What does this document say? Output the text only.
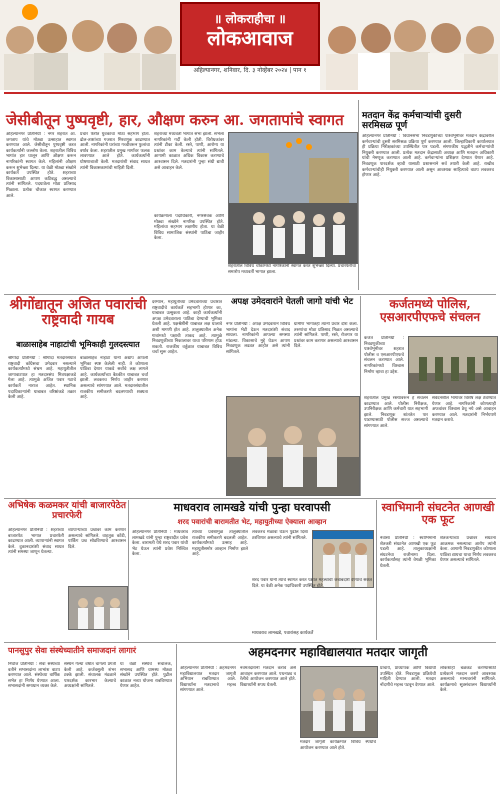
॥ लोकराहीचा ॥
लोकआवाज
अहिल्यानगर, शनिवार, दि. ३ नोव्हेंबर २०२४ | पान १
जेसीबीतून पुष्पवृष्टी, हार, औक्षण करुन आ. जगतापांचे स्वागत	मतदान केंद्र कर्मचार्‍यांची दुसरी सरमिसळ पूर्ण
अहिल्यानगर प्रतिनिधी : नगर शहरात आ. जगताप यांचे मोठ्या उत्साहात स्वागत करण्यात आले. जेसीबीतून पुष्पवृष्टी करत कार्यकर्त्यांनी जल्लोष केला. शहरातील विविध भागांत हार घालून आणि औक्षण करून नागरिकांनी स्वागत केले. महिलांनी औक्षण करून शुभेच्छा दिल्या. या वेळी मोठ्या संख्येने कार्यकर्ते उपस्थित होते. शहराच्या विकासासाठी आपण कटिबद्ध असल्याचे त्यांनी सांगितले. पदयात्रेला मोठा प्रतिसाद मिळाला. प्रत्येक चौकात स्वागत करण्यात आले.
प्रचार फेरीत युवकांचा मोठा सहभाग होता. ढोल-ताशांच्या गजरात मिरवणूक काढण्यात आली. नागरिकांनी घरांच्या गच्चीवरून फुलांचा वर्षाव केला. शहरातील प्रमुख मार्गांवर फलक लावण्यात आले होते. कार्यकर्त्यांनी घोषणाबाजी केली. मतदारांशी संवाद साधत त्यांनी विकासकामांची माहिती दिली.
शहराच्या मध्यवर्ती भागात सभा झाली. सभेला नागरिकांनी गर्दी केली होती. विरोधकांवर त्यांनी टीका केली. रस्ते, पाणी, आरोग्य या प्रश्नांवर काम केल्याचे त्यांनी सांगितले. आगामी काळात अधिक विकास करण्याचे आश्वासन दिले. मतदारांनी पुन्हा संधी द्यावी असे आवाहन केले.
कार्यक्रमाला पदाधिकारी, नगरसेवक आणि मोठ्या संख्येने नागरिक उपस्थित होते. महिलांचा सहभाग लक्षणीय होता. या वेळी विविध सामाजिक संस्थांनी पाठिंबा जाहीर केला.
शहरातील विविध चौकांमध्ये नागरिकांनी स्वागत करत शुभेच्छा दिल्या. प्रचारफेरीचा समारोप मध्यवर्ती भागात झाला.
अहिल्यानगर प्रतिनिधी : विधानसभा निवडणुकीच्या पार्श्वभूमीवर मतदान केंद्रावरील कर्मचाऱ्यांची दुसरी सरमिसळ प्रक्रिया पूर्ण करण्यात आली. जिल्हाधिकारी कार्यालयात ही प्रक्रिया निरीक्षकांच्या उपस्थितीत पार पडली. संगणकीय पद्धतीने कर्मचाऱ्यांची नियुक्ती करण्यात आली. प्रत्येक मतदान केंद्रासाठी अध्यक्ष आणि मतदान अधिकारी यांची नेमणूक करण्यात आली आहे. कर्मचाऱ्यांना प्रशिक्षण देण्यात येणार आहे. निवडणूक पारदर्शक व्हावी यासाठी प्रशासनाने सर्व तयारी केली आहे. राखीव कर्मचाऱ्यांचीही नियुक्ती करण्यात आली असून आवश्यक साहित्याचे वाटप लवकरच होणार आहे.
श्रीगोंद्यातून अजित पवारांची राष्ट्रवादी गायब
बाळासाहेब नाहाटांची भूमिकाही गुलदस्त्यात
श्रीगोंदा प्रतिनिधी : श्रीगोंदा मतदारसंघात राष्ट्रवादी काँग्रेसचा उमेदवार नसल्याने कार्यकर्त्यांमध्ये संभ्रम आहे. महायुतीतील जागावाटपात हा मतदारसंघ मित्रपक्षाकडे गेला आहे. त्यामुळे अजित पवार गटाचे कार्यकर्ते नाराज आहेत. स्थानिक पदाधिकाऱ्यांनी याबाबत वरिष्ठांकडे तक्रार केली आहे.
बाळासाहेब नाहाटा यांनी अद्याप आपली भूमिका स्पष्ट केलेली नाही. ते कोणाला पाठिंबा देणार याकडे सर्वांचे लक्ष लागले आहे. कार्यकर्त्यांच्या बैठकीत याबाबत चर्चा झाली. लवकरच निर्णय जाहीर करणार असल्याचे सांगण्यात आले. मतदारसंघातील राजकीय समीकरणे बदलण्याची शक्यता आहे.
दरम्यान, महायुतीच्या उमेदवाराच्या प्रचारात राष्ट्रवादीचे कार्यकर्ते सहभागी होणार का, याबाबत उत्सुकता आहे. काही कार्यकर्त्यांनी अपक्ष उमेदवाराला पाठिंबा देण्याची भूमिका घेतली आहे. पक्षश्रेष्ठींनी याबाबत लक्ष घालावे अशी मागणी होत आहे. तालुक्यातील अनेक गावांमध्ये पक्षाची ताकद आहे. त्यामुळे निवडणुकीच्या निकालावर याचा परिणाम होऊ शकतो. राजकीय वर्तुळात याबाबत विविध चर्चा सुरू आहेत.
अपक्ष उमेदवारांने घेतली जागो यांची भेट
नगर प्रतिनिधी : अपक्ष उमेदवाराने विविध भागांना भेटी देऊन मतदारांशी संवाद साधला. नागरिकांनी आपल्या समस्या मांडल्या. विकासाचे मुद्दे घेऊन आपण निवडणूक लढवत आहोत असे त्यांनी सांगितले.
ग्रामीण भागातही त्यांनी प्रचार दौरा केला. तरुणांचा मोठा प्रतिसाद मिळत असल्याचे त्यांनी सांगितले. पाणी, रस्ते, रोजगार या प्रश्नांवर काम करणार असल्याचे आश्वासन दिले.
कर्जतमध्ये पोलिस, एसआरपीएफचे संचलन
कर्जत प्रतिनिधी : निवडणुकीच्या पार्श्वभूमीवर शहरात पोलीस व एसआरपीएफचे संचलन करण्यात आले. नागरिकांमध्ये विश्वास निर्माण व्हावा हा उद्देश.
शहरातील प्रमुख रस्त्यांवरून हे संचलन काढण्यात आले. पोलीस निरीक्षक, उपनिरीक्षक आणि कर्मचारी यात सहभागी झाले. निवडणूक शांततेत पार पाडण्यासाठी पोलीस सज्ज असल्याचे सांगण्यात आले.
संवेदनशील भागांवर विशेष लक्ष ठेवण्यात येणार आहे. नागरिकांनी कोणत्याही अफवांवर विश्वास ठेवू नये असे आवाहन करण्यात आले. मतदारांनी निर्भयपणे मतदान करावे.
अभिषेक कळमकर यांची बाजारपेठेत प्रचारफेरी
अहिल्यानगर प्रतिनिधी : शहराच्या बाजारपेठ भागात प्रचारफेरी काढण्यात आली. व्यापाऱ्यांनी स्वागत केले. दुकानदारांशी संवाद साधत त्यांनी समस्या जाणून घेतल्या.
व्यापाऱ्यांच्या प्रश्नांवर काम करणार असल्याचे सांगितले. वाहतूक कोंडी, पार्किंग प्रश्न सोडविण्याचे आश्वासन दिले.
माधवराव लामखडे यांची पुन्हा घरवापसी
शरद पवारांची बारामतीत भेट, महायुतीच्या ऐक्याला आव्हान
अहिल्यानगर प्रतिनिधी : माधवराव लामखडे यांनी पुन्हा राष्ट्रवादीत प्रवेश केला. बारामती येथे शरद पवार यांची भेट घेऊन त्यांनी प्रवेश निश्चित केला.
त्यांच्या प्रवेशामुळे तालुक्यातील राजकीय समीकरणे बदलली आहेत. कार्यकर्त्यांमध्ये उत्साह आहे. महायुतीसमोर आव्हान निर्माण झाले आहे.
लवकरच मेळावा घेऊन पुढील दिशा ठरविणार असल्याचे त्यांनी सांगितले.
शरद पवार यांनी त्यांचे स्वागत करत पक्षात महत्त्वाची जबाबदारी देण्याचे संकेत दिले. या वेळी अनेक पदाधिकारी उपस्थित होते.
माधवराव लामखडे, पवारांसह कार्यकर्ते
स्वाभिमानी संघटनेत आणखी एक फूट
नेवासा प्रतिनिधी : स्वाभिमानी शेतकरी संघटनेत आणखी एक फूट पडली आहे. तालुकाध्यक्षांनी संघटनेचा राजीनामा दिला. कार्यकर्त्यांसह त्यांनी वेगळी भूमिका घेतली.
शेतकऱ्यांच्या प्रश्नांवर संघटना आक्रमक नसल्याचा आरोप त्यांनी केला. आगामी निवडणुकीत कोणाला पाठिंबा द्यायचा याचा निर्णय लवकरच घेणार असल्याचे सांगितले.
पानसुपुर सेवा संस्थेच्यातीने समाजदानं लागारं
निघोज प्रतिनिधी : सेवा संस्थेच्या वतीने सभासदांना लाभांश वाटप करण्यात आले. संस्थेच्या वार्षिक सभेत हा निर्णय घेण्यात आला. सभासदांनी समाधान व्यक्त केले.
संस्थेने गेल्या वर्षात चांगली प्रगती केली आहे. कर्जवसुली शंभर टक्के झाली. संचालक मंडळाने पारदर्शक कारभार केल्याचे अध्यक्षांनी सांगितले.
या वेळी संस्थेचे संचालक, सभासद आणि ग्रामस्थ मोठ्या संख्येने उपस्थित होते. पुढील काळात नव्या योजना राबविण्यात येणार आहेत.
अहमदनगर महाविद्यालयात मतदार जागृती
अहिल्यानगर प्रतिनिधी : अहमदनगर महाविद्यालयात मतदार जागृती अभियान राबविण्यात आले. विद्यार्थ्यांना मतदानाचे महत्त्व सांगण्यात आले.
नवमतदारांनी मतदान करावे असे आवाहन करण्यात आले. पथनाट्य व रॅलीचे आयोजन करण्यात आले होते. विद्यार्थ्यांनी शपथ घेतली.
प्राचार्य, प्राध्यापक आणि विद्यार्थी उपस्थित होते. निवडणूक प्रक्रियेची माहिती देण्यात आली. मतदार नोंदणीचे महत्त्व पटवून देण्यात आले.
लोकशाही बळकट करण्यासाठी प्रत्येकाने मतदान करणे आवश्यक असल्याचे मान्यवरांनी सांगितले. कार्यक्रमाचे सूत्रसंचालन विद्यार्थ्यांनी केले.
मतदार जागृती कार्यक्रमात विविध स्पर्धांचे आयोजन करण्यात आले होते.
